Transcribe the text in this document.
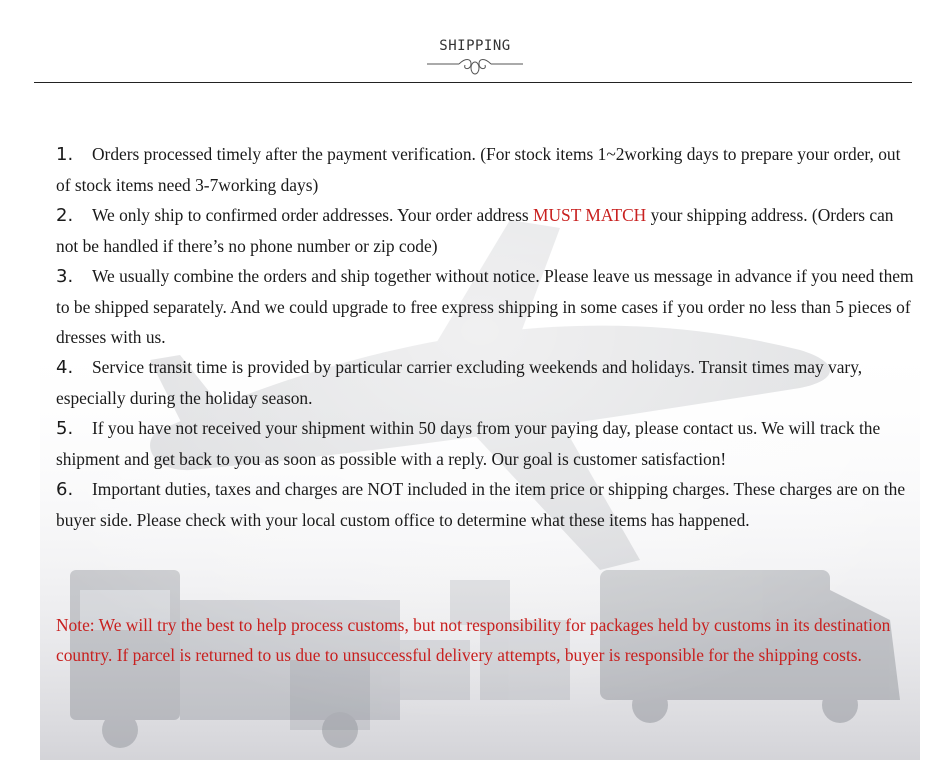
SHIPPING

1. Orders processed timely after the payment verification. (For stock items 1~2working days to prepare your order, out of stock items need 3-7working days)

2. We only ship to confirmed order addresses. Your order address MUST MATCH your shipping address. (Orders can not be handled if there’s no phone number or zip code)

3. We usually combine the orders and ship together without notice. Please leave us message in advance if you need them to be shipped separately. And we could upgrade to free express shipping in some cases if you order no less than 5 pieces of dresses with us.

4. Service transit time is provided by particular carrier excluding weekends and holidays. Transit times may vary, especially during the holiday season.

5. If you have not received your shipment within 50 days from your paying day, please contact us. We will track the shipment and get back to you as soon as possible with a reply. Our goal is customer satisfaction!

6. Important duties, taxes and charges are NOT included in the item price or shipping charges. These charges are on the buyer side. Please check with your local custom office to determine what these items has happened.

Note: We will try the best to help process customs, but not responsibility for packages held by customs in its destination country. If parcel is returned to us due to unsuccessful delivery attempts, buyer is responsible for the shipping costs.
